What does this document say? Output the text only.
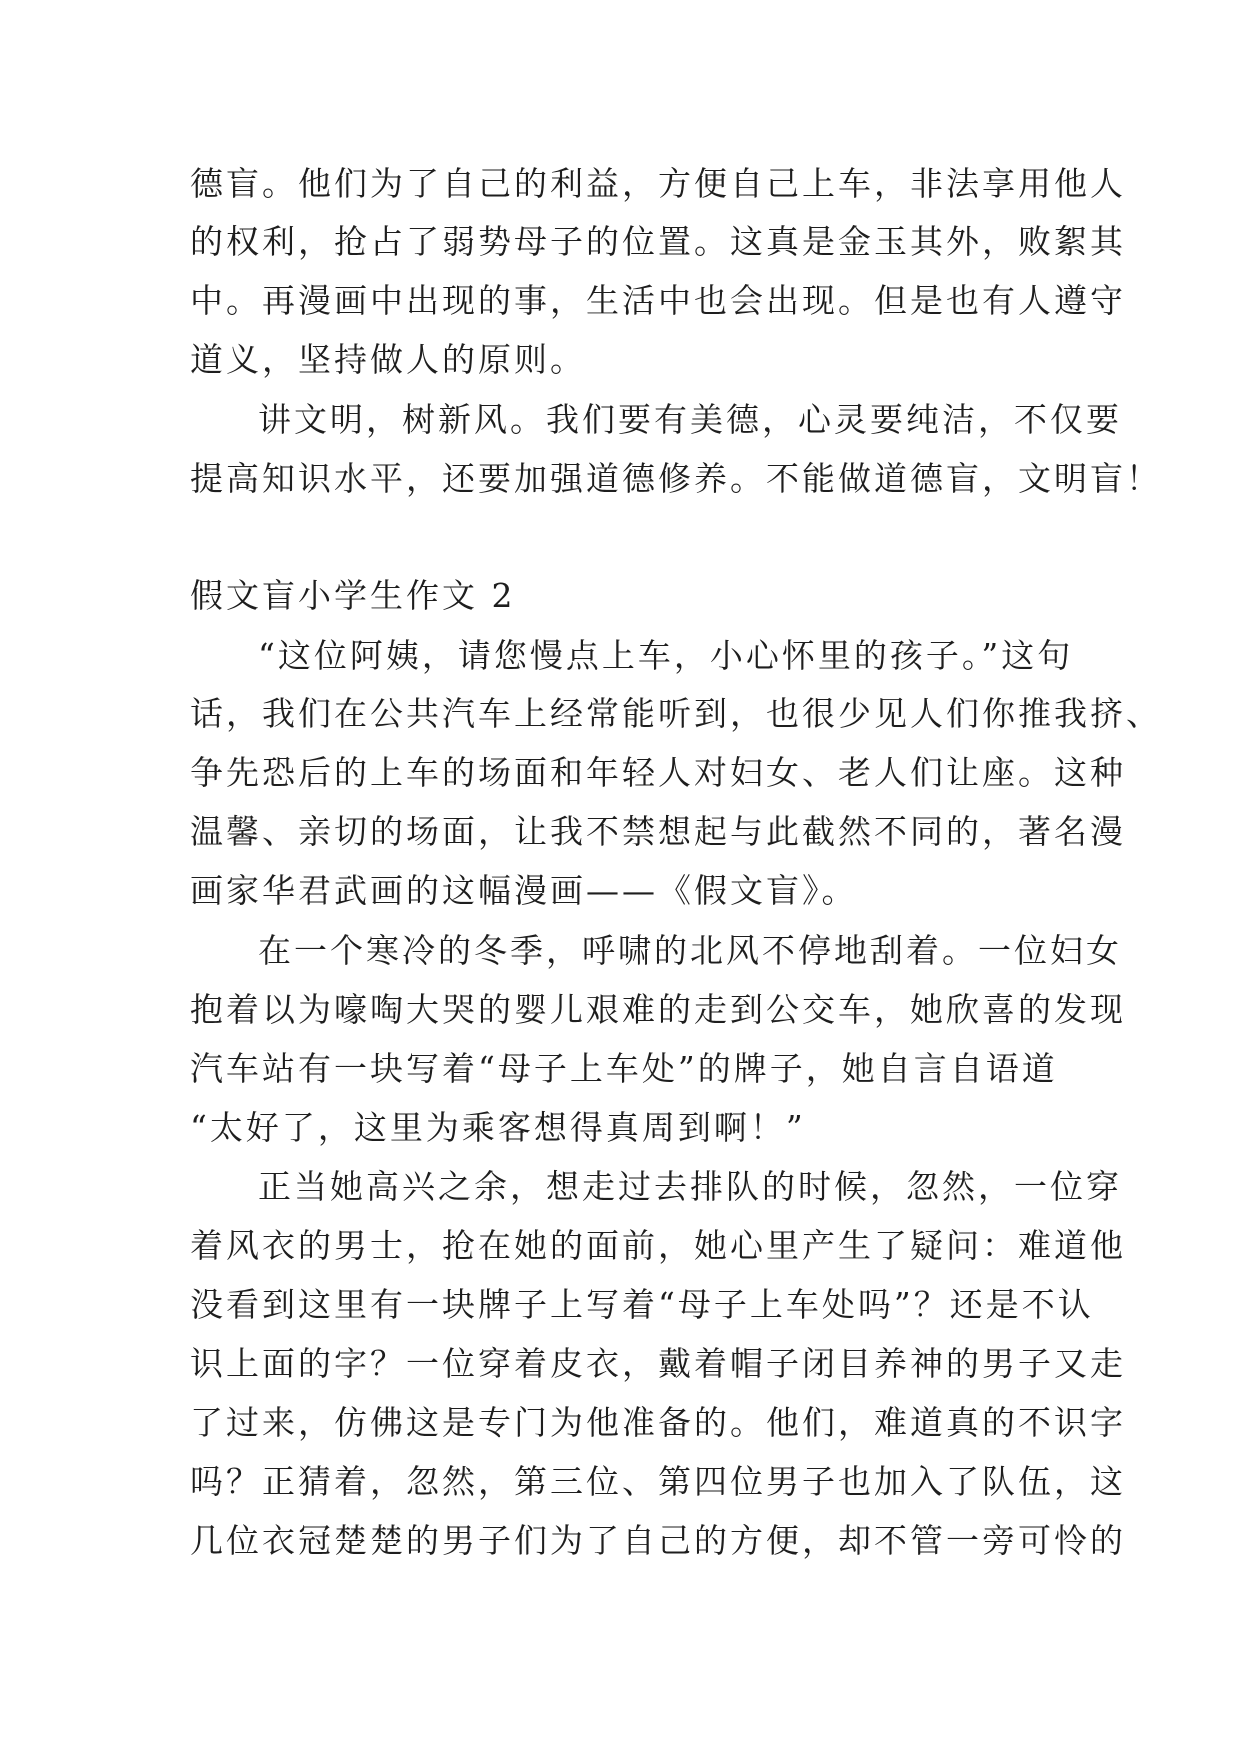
德盲。他们为了自己的利益，方便自己上车，非法享用他人
的权利，抢占了弱势母子的位置。这真是金玉其外，败絮其
中。再漫画中出现的事，生活中也会出现。但是也有人遵守
道义，坚持做人的原则。
讲文明，树新风。我们要有美德，心灵要纯洁，不仅要
提高知识水平，还要加强道德修养。不能做道德盲，文明盲！
假文盲小学生作文 2
“这位阿姨，请您慢点上车，小心怀里的孩子。”这句
话，我们在公共汽车上经常能听到，也很少见人们你推我挤、
争先恐后的上车的场面和年轻人对妇女、老人们让座。这种
温馨、亲切的场面，让我不禁想起与此截然不同的，著名漫
画家华君武画的这幅漫画——《假文盲》。
在一个寒冷的冬季，呼啸的北风不停地刮着。一位妇女
抱着以为嚎啕大哭的婴儿艰难的走到公交车，她欣喜的发现
汽车站有一块写着“母子上车处”的牌子，她自言自语道
“太好了，这里为乘客想得真周到啊！”
正当她高兴之余，想走过去排队的时候，忽然，一位穿
着风衣的男士，抢在她的面前，她心里产生了疑问：难道他
没看到这里有一块牌子上写着“母子上车处吗”？还是不认
识上面的字？一位穿着皮衣，戴着帽子闭目养神的男子又走
了过来，仿佛这是专门为他准备的。他们，难道真的不识字
吗？正猜着，忽然，第三位、第四位男子也加入了队伍，这
几位衣冠楚楚的男子们为了自己的方便，却不管一旁可怜的
